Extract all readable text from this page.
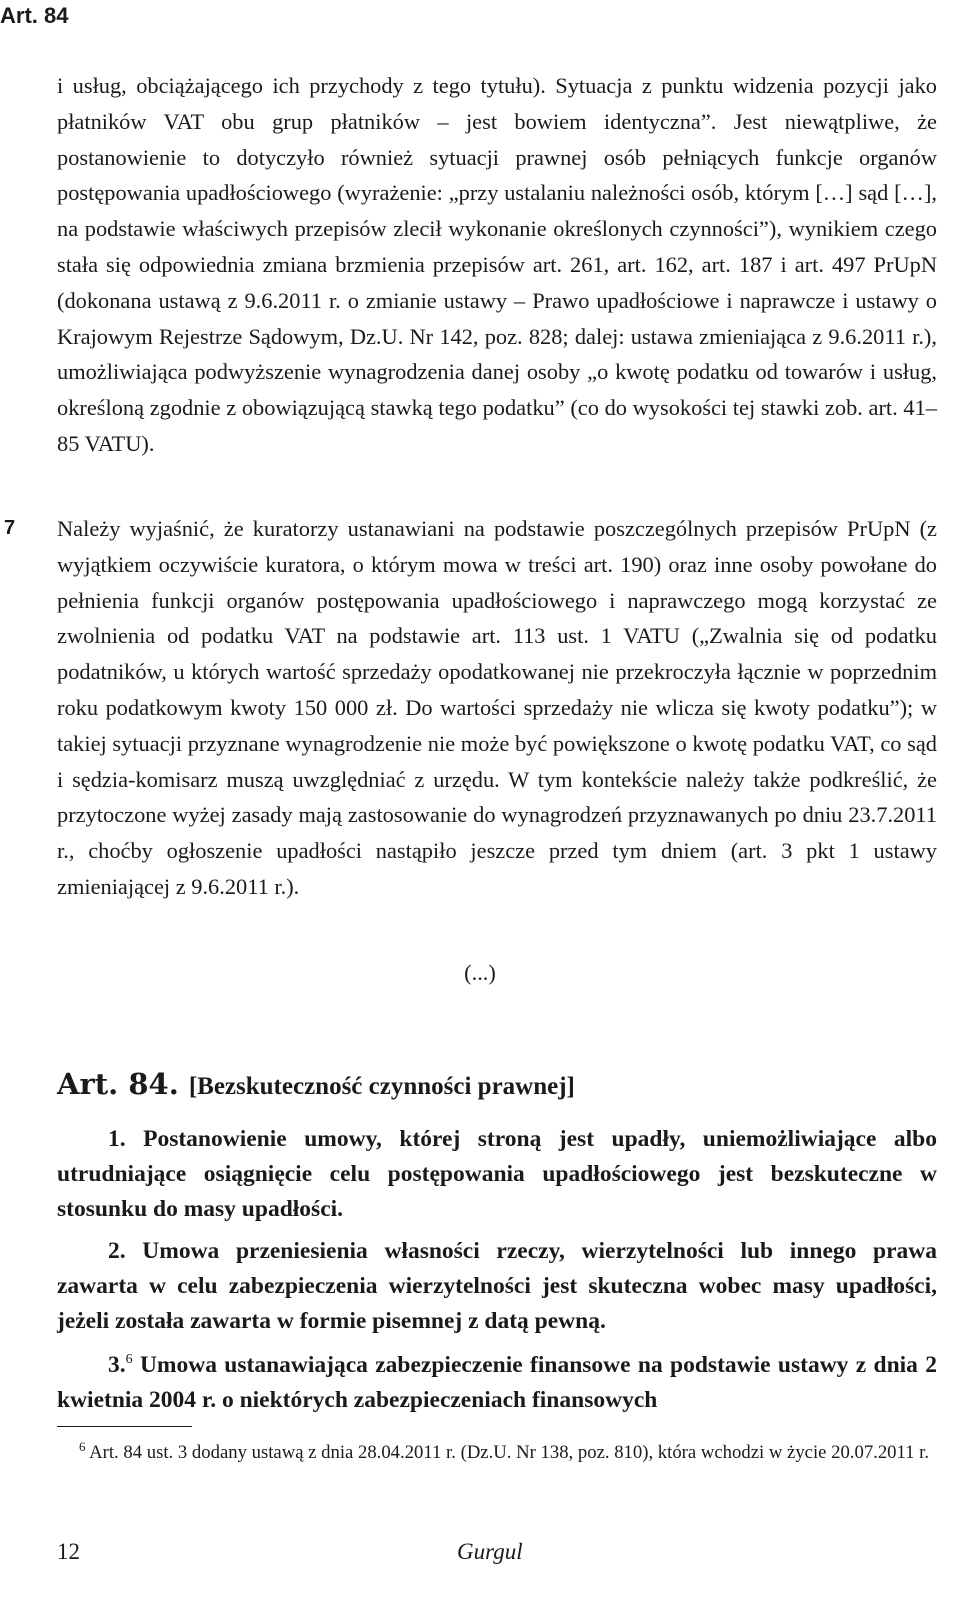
Art. 84
i usług, obciążającego ich przychody z tego tytułu). Sytuacja z punktu widzenia pozycji jako płatników VAT obu grup płatników – jest bowiem identyczna”. Jest niewątpliwe, że postanowienie to dotyczyło również sytuacji prawnej osób pełniących funkcje organów postępowania upadłościowego (wyrażenie: „przy ustalaniu należności osób, którym […] sąd […], na podstawie właściwych przepisów zlecił wykonanie określonych czynności”), wynikiem czego stała się odpowiednia zmiana brzmienia przepisów art. 261, art. 162, art. 187 i art. 497 PrUpN (dokonana ustawą z 9.6.2011 r. o zmianie ustawy – Prawo upadłościowe i naprawcze i ustawy o Krajowym Rejestrze Sądowym, Dz.U. Nr 142, poz. 828; dalej: ustawa zmieniająca z 9.6.2011 r.), umożliwiająca podwyższenie wynagrodzenia danej osoby „o kwotę podatku od towarów i usług, określoną zgodnie z obowiązującą stawką tego podatku” (co do wysokości tej stawki zob. art. 41–85 VATU).
7 Należy wyjaśnić, że kuratorzy ustanawiani na podstawie poszczególnych przepisów PrUpN (z wyjątkiem oczywiście kuratora, o którym mowa w treści art. 190) oraz inne osoby powołane do pełnienia funkcji organów postępowania upadłościowego i naprawczego mogą korzystać ze zwolnienia od podatku VAT na podstawie art. 113 ust. 1 VATU („Zwalnia się od podatku podatników, u których wartość sprzedaży opodatkowanej nie przekroczyła łącznie w poprzednim roku podatkowym kwoty 150 000 zł. Do wartości sprzedaży nie wlicza się kwoty podatku”); w takiej sytuacji przyznane wynagrodzenie nie może być powiększone o kwotę podatku VAT, co sąd i sędzia-komisarz muszą uwzględniać z urzędu. W tym kontekście należy także podkreślić, że przytoczone wyżej zasady mają zastosowanie do wynagrodzeń przyznawanych po dniu 23.7.2011 r., choćby ogłoszenie upadłości nastąpiło jeszcze przed tym dniem (art. 3 pkt 1 ustawy zmieniającej z 9.6.2011 r.).
(...)
Art. 84. [Bezskuteczność czynności prawnej]
1. Postanowienie umowy, której stroną jest upadły, uniemożliwiające albo utrudniające osiągnięcie celu postępowania upadłościowego jest bezskuteczne w stosunku do masy upadłości.
2. Umowa przeniesienia własności rzeczy, wierzytelności lub innego prawa zawarta w celu zabezpieczenia wierzytelności jest skuteczna wobec masy upadłości, jeżeli została zawarta w formie pisemnej z datą pewną.
3.$^6$ Umowa ustanawiająca zabezpieczenie finansowe na podstawie ustawy z dnia 2 kwietnia 2004 r. o niektórych zabezpieczeniach finansowych
$^6$ Art. 84 ust. 3 dodany ustawą z dnia 28.04.2011 r. (Dz.U. Nr 138, poz. 810), która wchodzi w życie 20.07.2011 r.
12	Gurgul
